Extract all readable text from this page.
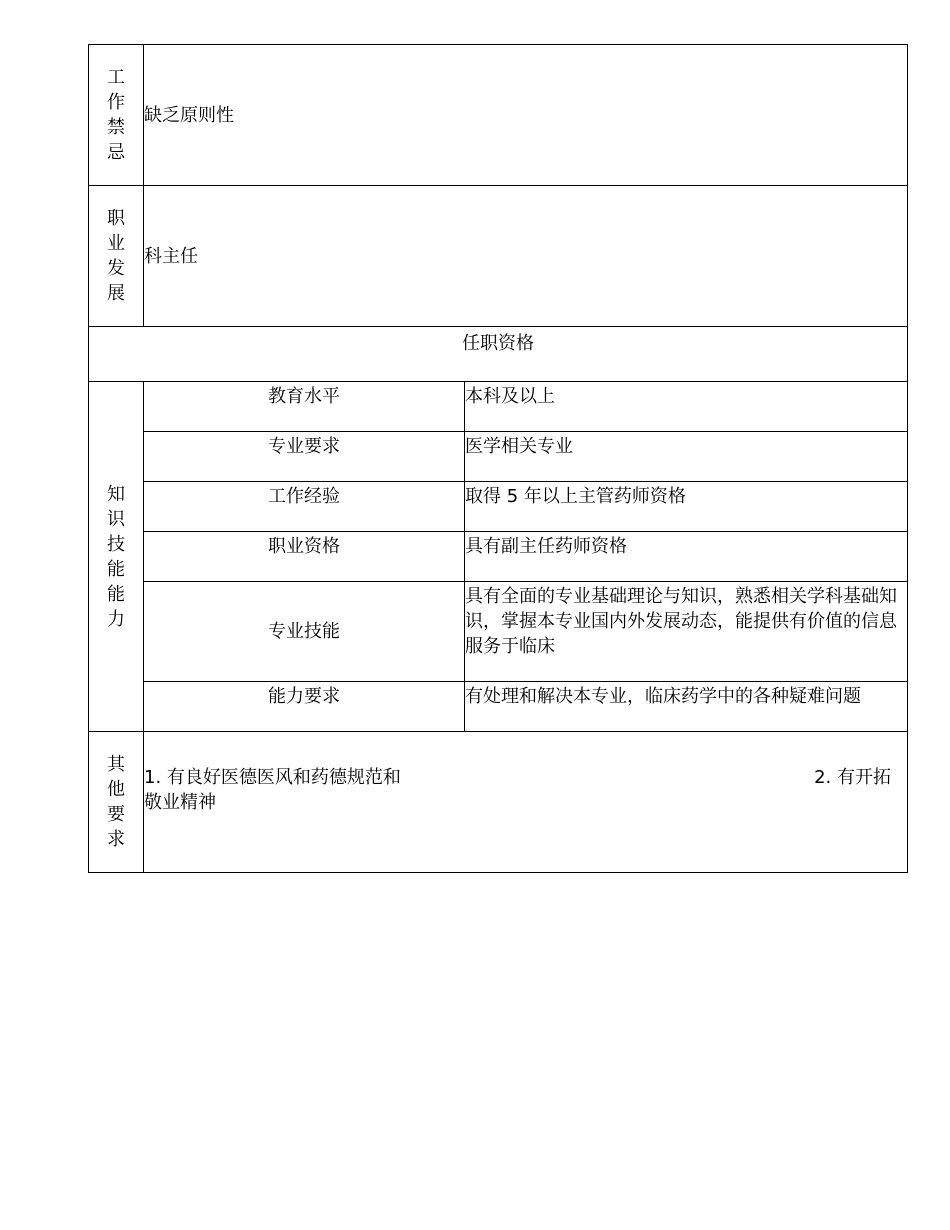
工作禁忌	缺乏原则性	
职业发展	科主任	
任职资格		
知识技能能力	教育水平	本科及以上
	专业要求	医学相关专业
	工作经验	取得 5 年以上主管药师资格
	职业资格	具有副主任药师资格
	专业技能	具有全面的专业基础理论与知识，熟悉相关学科基础知识，掌握本专业国内外发展动态，能提供有价值的信息服务于临床
	能力要求	有处理和解决本专业，临床药学中的各种疑难问题
其他要求	1. 有良好医德医风和药德规范和敬业精神
2. 有开拓	
